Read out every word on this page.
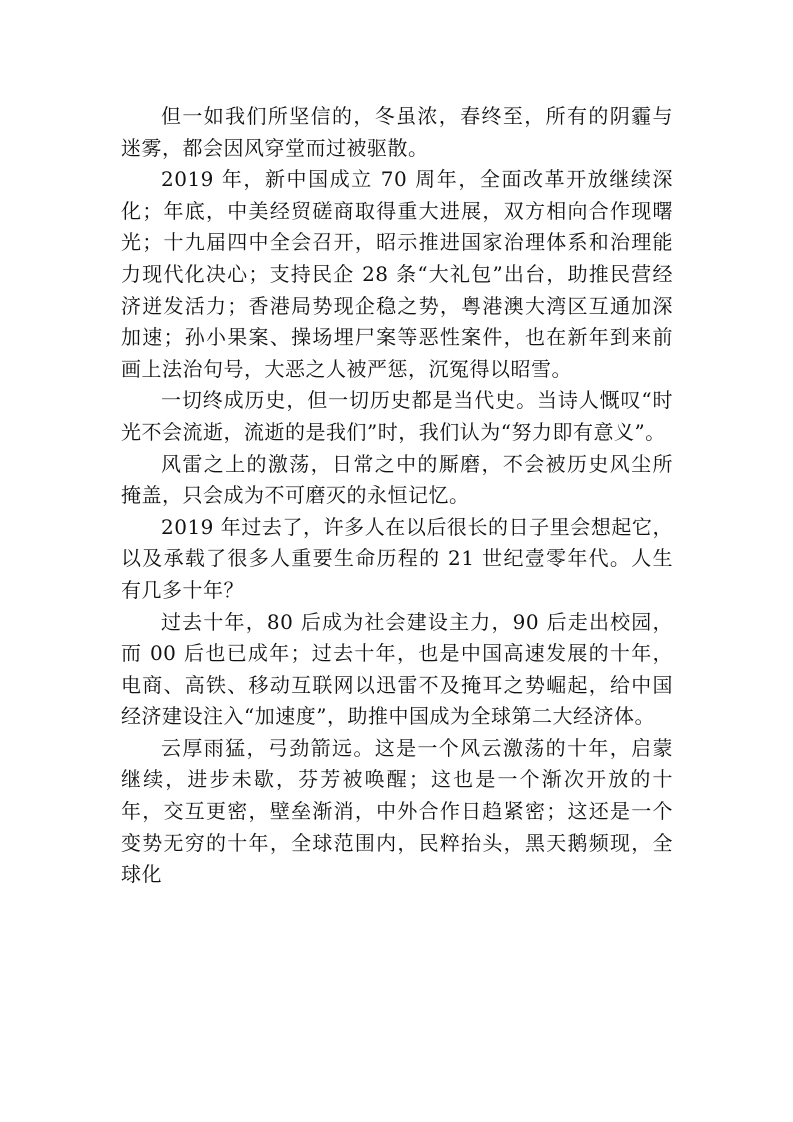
但一如我们所坚信的，冬虽浓，春终至，所有的阴霾与迷雾，都会因风穿堂而过被驱散。

2019 年，新中国成立 70 周年，全面改革开放继续深化；年底，中美经贸磋商取得重大进展，双方相向合作现曙光；十九届四中全会召开，昭示推进国家治理体系和治理能力现代化决心；支持民企 28 条“大礼包”出台，助推民营经济迸发活力；香港局势现企稳之势，粤港澳大湾区互通加深加速；孙小果案、操场埋尸案等恶性案件，也在新年到来前画上法治句号，大恶之人被严惩，沉冤得以昭雪。

一切终成历史，但一切历史都是当代史。当诗人慨叹“时光不会流逝，流逝的是我们”时，我们认为“努力即有意义”。

风雷之上的激荡，日常之中的厮磨，不会被历史风尘所掩盖，只会成为不可磨灭的永恒记忆。

2019 年过去了，许多人在以后很长的日子里会想起它，以及承载了很多人重要生命历程的 21 世纪壹零年代。人生有几多十年？

过去十年，80 后成为社会建设主力，90 后走出校园，而 00 后也已成年；过去十年，也是中国高速发展的十年，电商、高铁、移动互联网以迅雷不及掩耳之势崛起，给中国经济建设注入“加速度”，助推中国成为全球第二大经济体。

云厚雨猛，弓劲箭远。这是一个风云激荡的十年，启蒙继续，进步未歇，芬芳被唤醒；这也是一个渐次开放的十年，交互更密，壁垒渐消，中外合作日趋紧密；这还是一个变势无穷的十年，全球范围内，民粹抬头，黑天鹅频现，全球化
